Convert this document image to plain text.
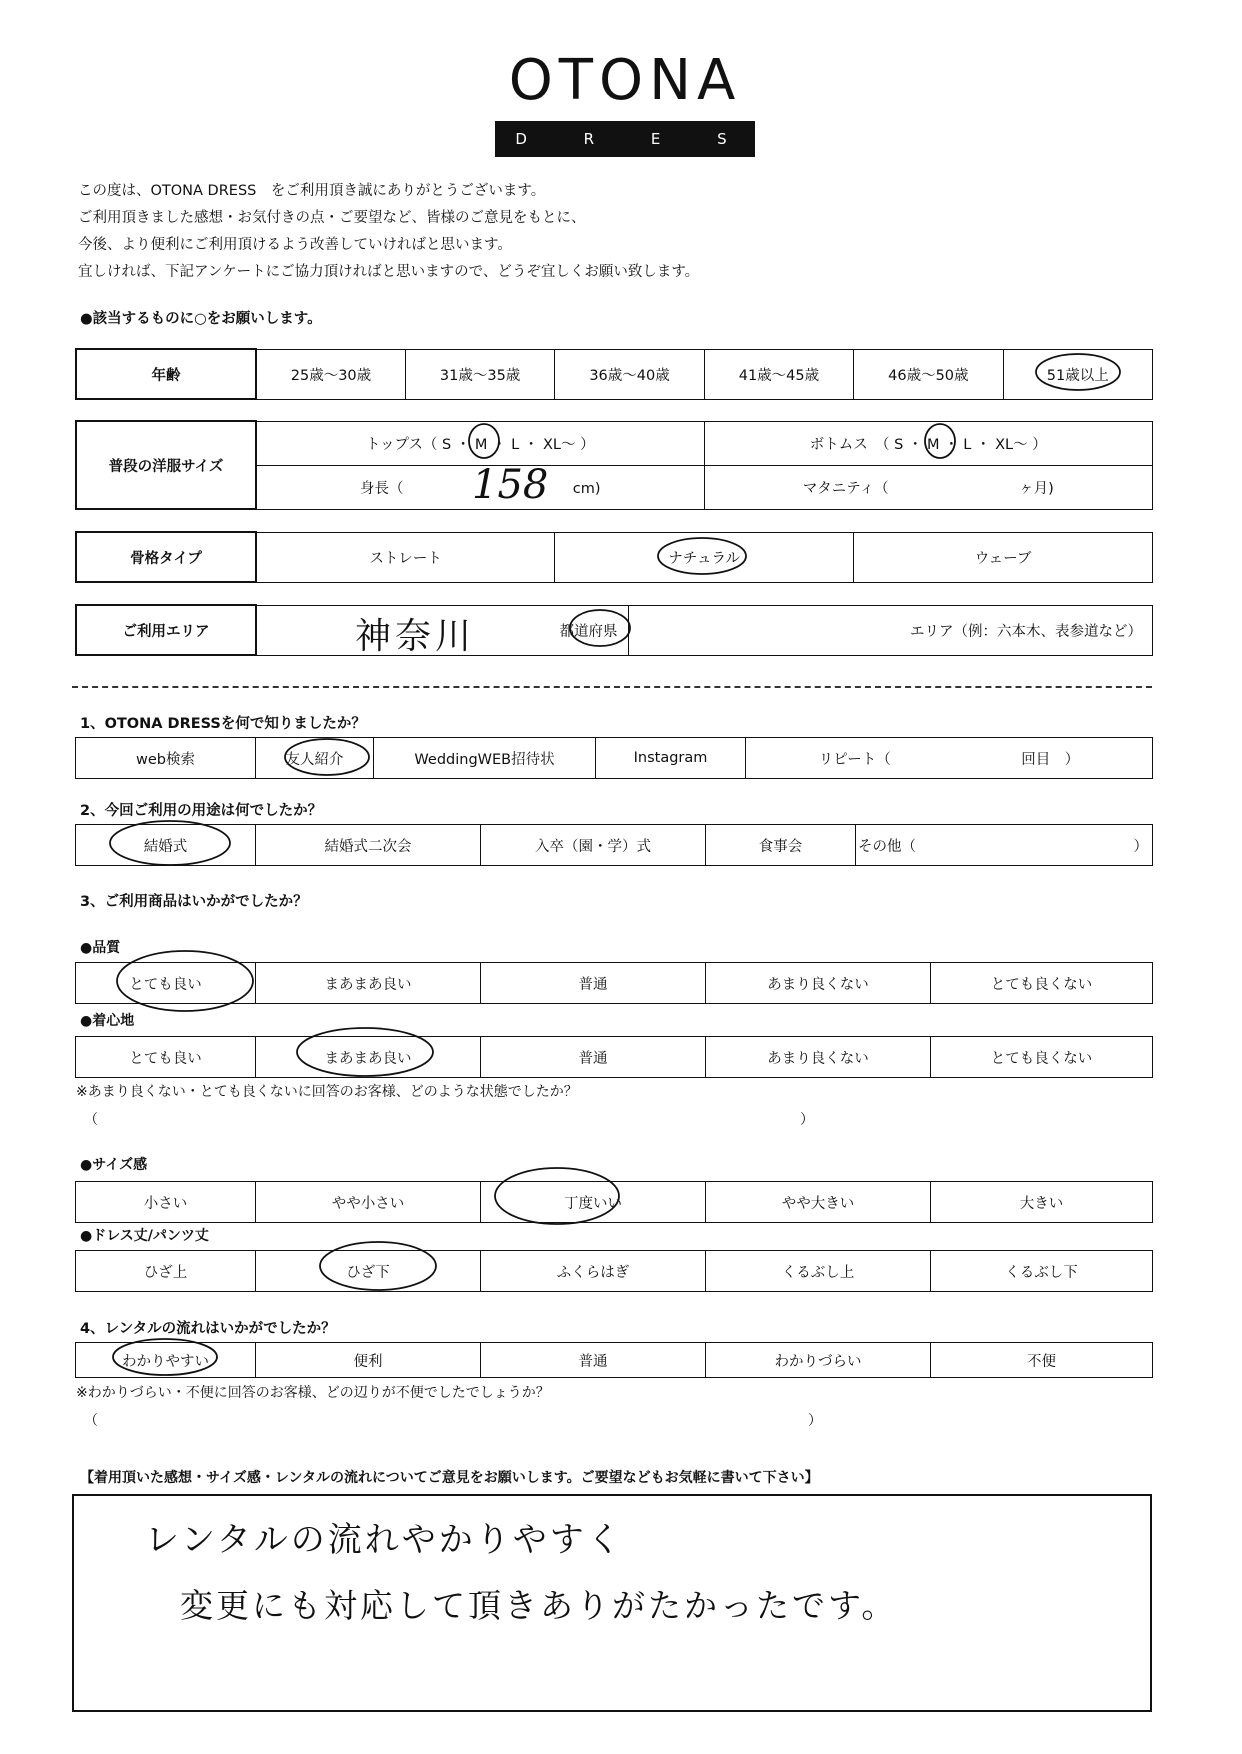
OTONA
D R E S S
この度は、OTONA DRESS　をご利用頂き誠にありがとうございます。
ご利用頂きました感想・お気付きの点・ご要望など、皆様のご意見をもとに、
今後、より便利にご利用頂けるよう改善していければと思います。
宜しければ、下記アンケートにご協力頂ければと思いますので、どうぞ宜しくお願い致します。
●該当するものに○をお願いします。
年齢	25歳～30歳	31歳～35歳	36歳～40歳	41歳～45歳	46歳～50歳	51歳以上
普段の洋服サイズ	トップス（ S ・ M ・ L ・ XL～ ）	ボトムス　（ S ・ M ・ L ・ XL～ ）
	身長（ cm)	マタニティ（　　　　　　　　　ヶ月)
骨格タイプ	ストレート	ナチュラル	ウェーブ
ご利用エリア	都道府県	エリア（例：六本木、表参道など）
1、OTONA DRESSを何で知りましたか？
web検索	友人紹介	WeddingWEB招待状	Instagram	リピート（　　　　　　　　　回目　）
2、今回ご利用の用途は何でしたか？
結婚式	結婚式二次会	入卒（園・学）式	食事会	その他（　　　　　　　　　　　　　　　）
3、ご利用商品はいかがでしたか？
●品質
とても良い	まあまあ良い	普通	あまり良くない	とても良くない
●着心地
とても良い	まあまあ良い	普通	あまり良くない	とても良くない
※あまり良くない・とても良くないに回答のお客様、どのような状態でしたか？
（	）
●サイズ感
小さい	やや小さい	丁度いい	やや大きい	大きい
●ドレス丈/パンツ丈
ひざ上	ひざ下	ふくらはぎ	くるぶし上	くるぶし下
4、レンタルの流れはいかがでしたか？
わかりやすい	便利	普通	わかりづらい	不便
※わかりづらい・不便に回答のお客様、どの辺りが不便でしたでしょうか？
（	）
【着用頂いた感想・サイズ感・レンタルの流れについてご意見をお願いします。ご要望などもお気軽に書いて下さい】
158
神奈川
レンタルの流れやかりやすく
変更にも対応して頂きありがたかったです。
